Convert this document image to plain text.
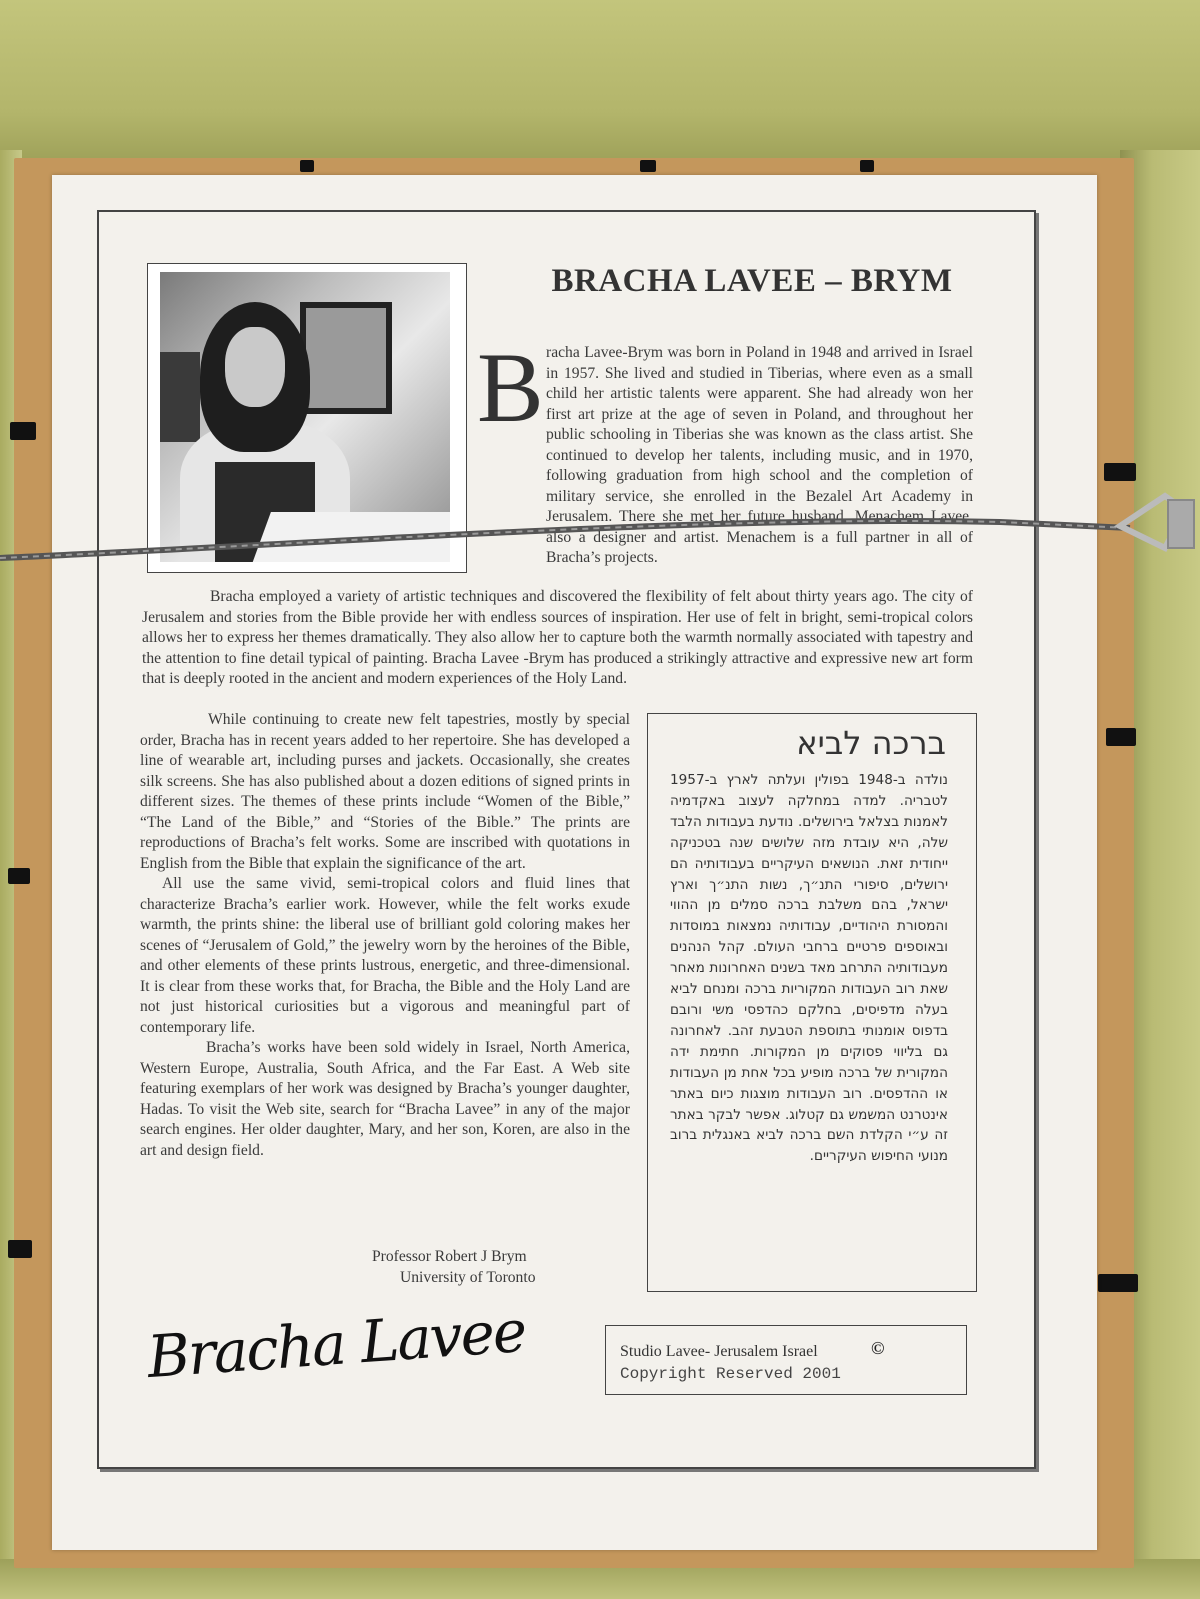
BRACHA LAVEE – BRYM
B racha Lavee-Brym was born in Poland in 1948 and arrived in Israel in 1957. She lived and studied in Tiberias, where even as a small child her artistic talents were apparent. She had already won her first art prize at the age of seven in Poland, and throughout her public schooling in Tiberias she was known as the class artist. She continued to develop her talents, including music, and in 1970, following graduation from high school and the completion of military service, she enrolled in the Bezalel Art Academy in Jerusalem. There she met her future husband, Menachem Lavee, also a designer and artist. Menachem is a full partner in all of Bracha’s projects.
Bracha employed a variety of artistic techniques and discovered the flexibility of felt about thirty years ago. The city of Jerusalem and stories from the Bible provide her with endless sources of inspiration. Her use of felt in bright, semi-tropical colors allows her to express her themes dramatically. They also allow her to capture both the warmth normally associated with tapestry and the attention to fine detail typical of painting. Bracha Lavee -Brym has produced a strikingly attractive and expressive new art form that is deeply rooted in the ancient and modern experiences of the Holy Land.
While continuing to create new felt tapestries, mostly by special order, Bracha has in recent years added to her repertoire. She has developed a line of wearable art, including purses and jackets. Occasionally, she creates silk screens. She has also published about a dozen editions of signed prints in different sizes. The themes of these prints include “Women of the Bible,” “The Land of the Bible,” and “Stories of the Bible.” The prints are reproductions of Bracha’s felt works. Some are inscribed with quotations in English from the Bible that explain the significance of the art.
All use the same vivid, semi-tropical colors and fluid lines that characterize Bracha’s earlier work. However, while the felt works exude warmth, the prints shine: the liberal use of brilliant gold coloring makes her scenes of “Jerusalem of Gold,” the jewelry worn by the heroines of the Bible, and other elements of these prints lustrous, energetic, and three-dimensional. It is clear from these works that, for Bracha, the Bible and the Holy Land are not just historical curiosities but a vigorous and meaningful part of contemporary life.
Bracha’s works have been sold widely in Israel, North America, Western Europe, Australia, South Africa, and the Far East. A Web site featuring exemplars of her work was designed by Bracha’s younger daughter, Hadas. To visit the Web site, search for “Bracha Lavee” in any of the major search engines. Her older daughter, Mary, and her son, Koren, are also in the art and design field.
Professor Robert J Brym
University of Toronto
ברכה לביא
נולדה ב-1948 בפולין ועלתה לארץ ב-1957 לטבריה. למדה במחלקה לעצוב באקדמיה לאמנות בצלאל בירושלים. נודעת בעבודות הלבד שלה, היא עובדת מזה שלושים שנה בטכניקה ייחודית זאת. הנושאים העיקריים בעבודותיה הם ירושלים, סיפורי התנ״ך, נשות התנ״ך וארץ ישראל, בהם משלבת ברכה סמלים מן ההווי והמסורת היהודיים, עבודותיה נמצאות במוסדות ובאוספים פרטיים ברחבי העולם. קהל הנהנים מעבודותיה התרחב מאד בשנים האחרונות מאחר שאת רוב העבודות המקוריות ברכה ומנחם לביא בעלה מדפיסים, בחלקם כהדפסי משי ורובם בדפוס אומנותי בתוספת הטבעת זהב. לאחרונה גם בליווי פסוקים מן המקורות. חתימת ידה המקורית של ברכה מופיע בכל אחת מן העבודות או ההדפסים. רוב העבודות מוצגות כיום באתר אינטרנט המשמש גם קטלוג. אפשר לבקר באתר זה ע״י הקלדת השם ברכה לביא באנגלית ברוב מנועי החיפוש העיקריים.
Bracha Lavee	Studio Lavee- Jerusalem Israel	©
Copyright Reserved 2001
